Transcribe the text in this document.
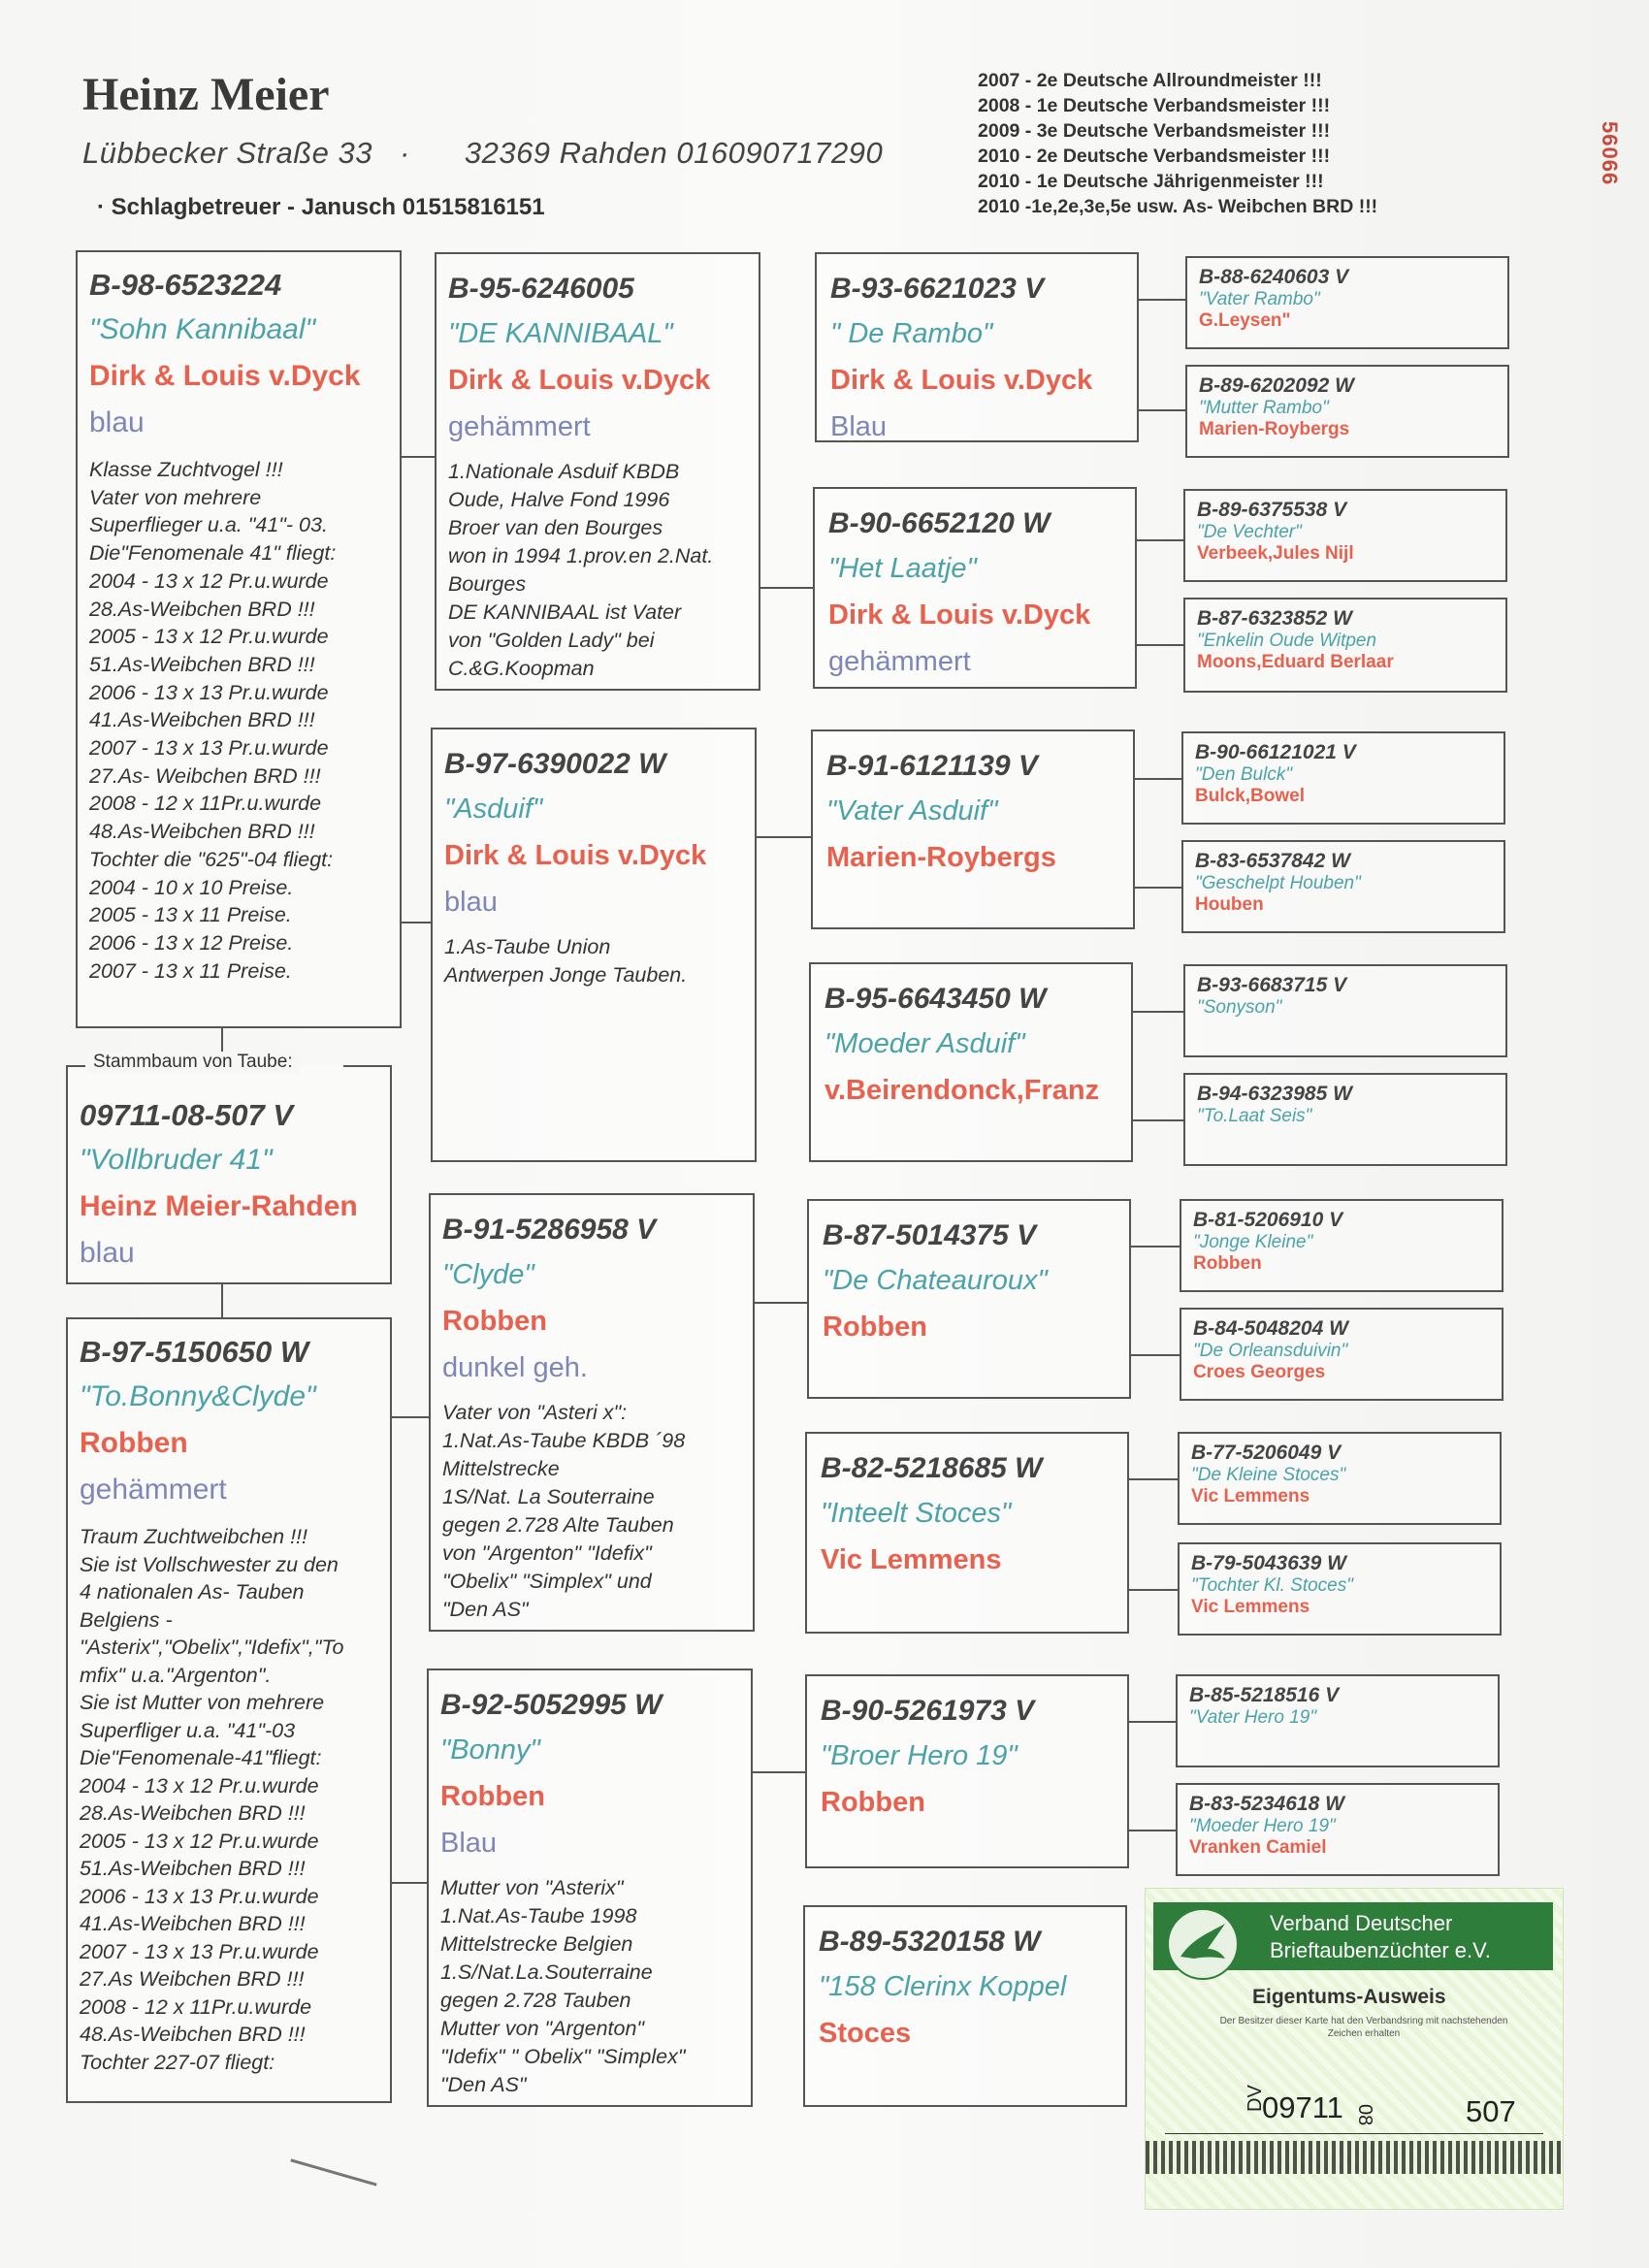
Heinz Meier
Lübbecker Straße 33 · 32369 Rahden 016090717290
· Schlagbetreuer - Janusch 01515816151
2007 - 2e Deutsche Allroundmeister !!!
2008 - 1e Deutsche Verbandsmeister !!!
2009 - 3e Deutsche Verbandsmeister !!!
2010 - 2e Deutsche Verbandsmeister !!!
2010 - 1e Deutsche Jährigenmeister !!!
2010 -1e,2e,3e,5e usw. As- Weibchen BRD !!!
56066
B-98-6523224
"Sohn Kannibaal"
Dirk & Louis v.Dyck
blau
Klasse Zuchtvogel !!!
Vater von mehrere
Superflieger u.a. "41"- 03.
Die"Fenomenale 41" fliegt:
2004 - 13 x 12 Pr.u.wurde
28.As-Weibchen BRD !!!
2005 - 13 x 12 Pr.u.wurde
51.As-Weibchen BRD !!!
2006 - 13 x 13 Pr.u.wurde
41.As-Weibchen BRD !!!
2007 - 13 x 13 Pr.u.wurde
27.As- Weibchen BRD !!!
2008 - 12 x 11Pr.u.wurde
48.As-Weibchen BRD !!!
Tochter die "625"-04 fliegt:
2004 - 10 x 10 Preise.
2005 - 13 x 11 Preise.
2006 - 13 x 12 Preise.
2007 - 13 x 11 Preise.
09711-08-507 V
"Vollbruder 41"
Heinz Meier-Rahden
blau
Stammbaum von Taube:
B-97-5150650 W
"To.Bonny&Clyde"
Robben
gehämmert
Traum Zuchtweibchen !!!
Sie ist Vollschwester zu den
4 nationalen As- Tauben
Belgiens -
"Asterix","Obelix","Idefix","To
mfix" u.a."Argenton".
Sie ist Mutter von mehrere
Superfliger u.a. "41"-03
Die"Fenomenale-41"fliegt:
2004 - 13 x 12 Pr.u.wurde
28.As-Weibchen BRD !!!
2005 - 13 x 12 Pr.u.wurde
51.As-Weibchen BRD !!!
2006 - 13 x 13 Pr.u.wurde
41.As-Weibchen BRD !!!
2007 - 13 x 13 Pr.u.wurde
27.As Weibchen BRD !!!
2008 - 12 x 11Pr.u.wurde
48.As-Weibchen BRD !!!
Tochter 227-07 fliegt:
B-95-6246005
"DE KANNIBAAL"
Dirk & Louis v.Dyck
gehämmert
1.Nationale Asduif KBDB
Oude, Halve Fond 1996
Broer van den Bourges
won in 1994 1.prov.en 2.Nat.
Bourges
DE KANNIBAAL ist Vater
von "Golden Lady" bei
C.&G.Koopman
B-97-6390022 W
"Asduif"
Dirk & Louis v.Dyck
blau
1.As-Taube Union
Antwerpen Jonge Tauben.
B-91-5286958 V
"Clyde"
Robben
dunkel geh.
Vater von "Asteri x":
1.Nat.As-Taube KBDB ´98
Mittelstrecke
1S/Nat. La Souterraine
gegen 2.728 Alte Tauben
von "Argenton" "Idefix"
"Obelix" "Simplex" und
"Den AS"
B-92-5052995 W
"Bonny"
Robben
Blau
Mutter von "Asterix"
1.Nat.As-Taube 1998
Mittelstrecke Belgien
1.S/Nat.La.Souterraine
gegen 2.728 Tauben
Mutter von "Argenton"
"Idefix" " Obelix" "Simplex"
"Den AS"
B-93-6621023 V
" De Rambo"
Dirk & Louis v.Dyck
Blau
B-90-6652120 W
"Het Laatje"
Dirk & Louis v.Dyck
gehämmert
B-91-6121139 V
"Vater Asduif"
Marien-Roybergs
B-95-6643450 W
"Moeder Asduif"
v.Beirendonck,Franz
B-87-5014375 V
"De Chateauroux"
Robben
B-82-5218685 W
"Inteelt Stoces"
Vic Lemmens
B-90-5261973 V
"Broer Hero 19"
Robben
B-89-5320158 W
"158 Clerinx Koppel
Stoces
B-88-6240603 V
"Vater Rambo"
G.Leysen"
B-89-6202092 W
"Mutter Rambo"
Marien-Roybergs
B-89-6375538 V
"De Vechter"
Verbeek,Jules Nijl
B-87-6323852 W
"Enkelin Oude Witpen
Moons,Eduard Berlaar
B-90-66121021 V
"Den Bulck"
Bulck,Bowel
B-83-6537842 W
"Geschelpt Houben"
Houben
B-93-6683715 V
"Sonyson"
B-94-6323985 W
"To.Laat Seis"
B-81-5206910 V
"Jonge Kleine"
Robben
B-84-5048204 W
"De Orleansduivin"
Croes Georges
B-77-5206049 V
"De Kleine Stoces"
Vic Lemmens
B-79-5043639 W
"Tochter Kl. Stoces"
Vic Lemmens
B-85-5218516 V
"Vater Hero 19"
B-83-5234618 W
"Moeder Hero 19"
Vranken Camiel
Verband Deutscher
Brieftaubenzüchter e.V.
Eigentums-Ausweis
Der Besitzer dieser Karte hat den Verbandsring mit nachstehenden Zeichen erhalten
DV
09711 08	507
